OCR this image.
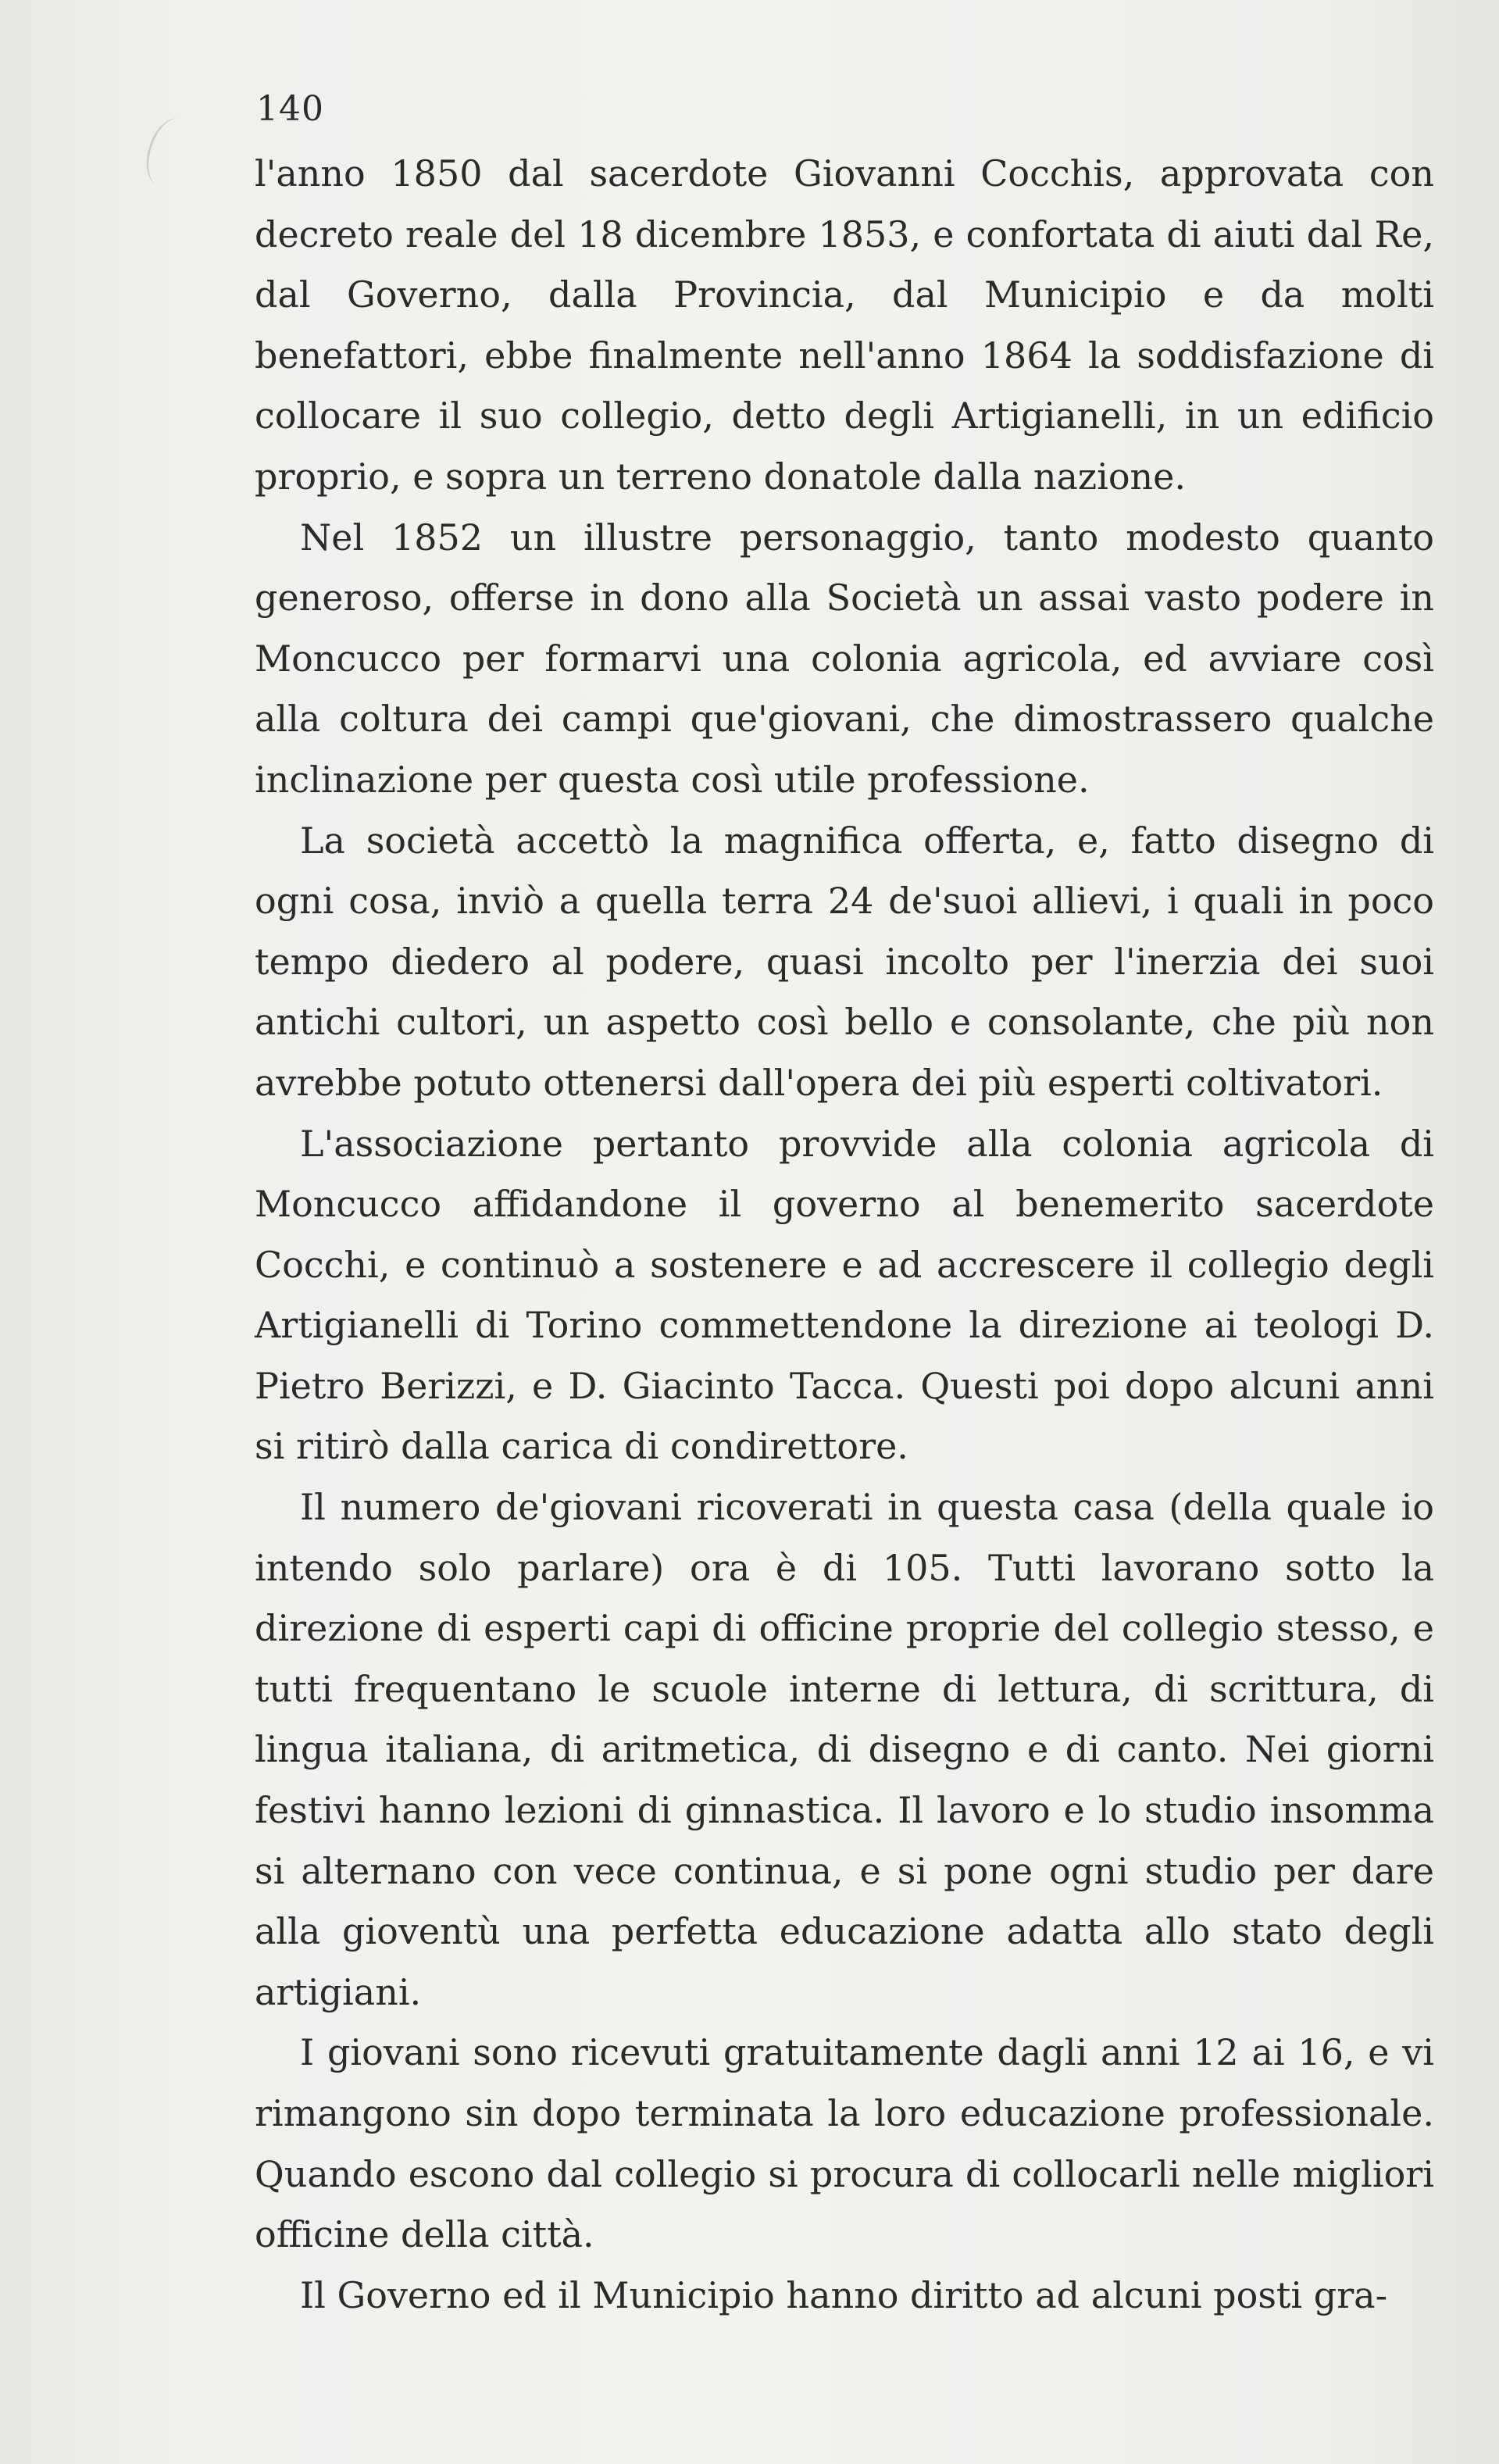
140

l'anno 1850 dal sacerdote Giovanni Cocchis, approvata con decreto reale del 18 dicembre 1853, e confortata di aiuti dal Re, dal Governo, dalla Provincia, dal Municipio e da molti benefattori, ebbe finalmente nell'anno 1864 la soddisfazione di collocare il suo collegio, detto degli Artigianelli, in un edificio proprio, e sopra un terreno donatole dalla nazione.

Nel 1852 un illustre personaggio, tanto modesto quanto generoso, offerse in dono alla Società un assai vasto podere in Moncucco per formarvi una colonia agricola, ed avviare così alla coltura dei campi que'giovani, che dimostrassero qualche inclinazione per questa così utile professione.

La società accettò la magnifica offerta, e, fatto disegno di ogni cosa, inviò a quella terra 24 de'suoi allievi, i quali in poco tempo diedero al podere, quasi incolto per l'inerzia dei suoi antichi cultori, un aspetto così bello e consolante, che più non avrebbe potuto ottenersi dall'opera dei più esperti coltivatori.

L'associazione pertanto provvide alla colonia agricola di Moncucco affidandone il governo al benemerito sacerdote Cocchi, e continuò a sostenere e ad accrescere il collegio degli Artigianelli di Torino commettendone la direzione ai teologi D. Pietro Berizzi, e D. Giacinto Tacca. Questi poi dopo alcuni anni si ritirò dalla carica di condirettore.

Il numero de'giovani ricoverati in questa casa (della quale io intendo solo parlare) ora è di 105. Tutti lavorano sotto la direzione di esperti capi di officine proprie del collegio stesso, e tutti frequentano le scuole interne di lettura, di scrittura, di lingua italiana, di aritmetica, di disegno e di canto. Nei giorni festivi hanno lezioni di ginnastica. Il lavoro e lo studio insomma si alternano con vece continua, e si pone ogni studio per dare alla gioventù una perfetta educazione adatta allo stato degli artigiani.

I giovani sono ricevuti gratuitamente dagli anni 12 ai 16, e vi rimangono sin dopo terminata la loro educazione professionale. Quando escono dal collegio si procura di collocarli nelle migliori officine della città.

Il Governo ed il Municipio hanno diritto ad alcuni posti gra-
